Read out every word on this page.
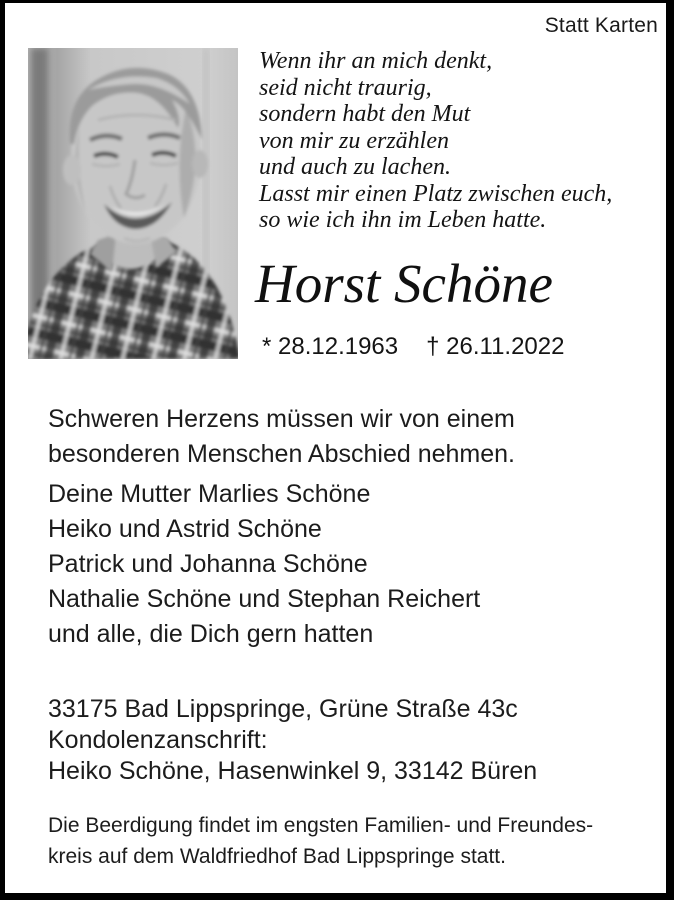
Statt Karten
Wenn ihr an mich denkt,
seid nicht traurig,
sondern habt den Mut
von mir zu erzählen
und auch zu lachen.
Lasst mir einen Platz zwischen euch,
so wie ich ihn im Leben hatte.
Horst Schöne
* 28.12.1963 † 26.11.2022
Schweren Herzens müssen wir von einem
besonderen Menschen Abschied nehmen.
Deine Mutter Marlies Schöne
Heiko und Astrid Schöne
Patrick und Johanna Schöne
Nathalie Schöne und Stephan Reichert
und alle, die Dich gern hatten
33175 Bad Lippspringe, Grüne Straße 43c
Kondolenzanschrift:
Heiko Schöne, Hasenwinkel 9, 33142 Büren
Die Beerdigung findet im engsten Familien- und Freundes-
kreis auf dem Waldfriedhof Bad Lippspringe statt.
